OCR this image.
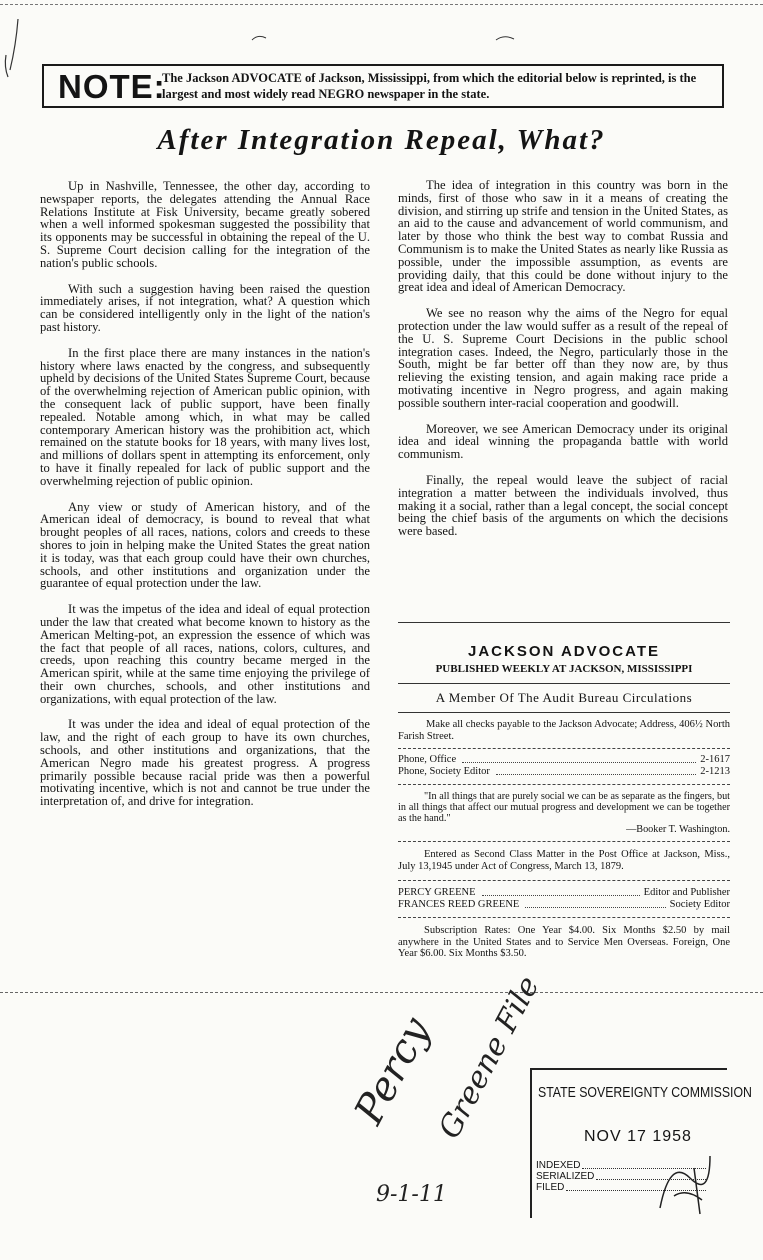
NOTE:
The Jackson ADVOCATE of Jackson, Mississippi, from which the editorial below is reprinted, is the largest and most widely read NEGRO newspaper in the state.
After Integration Repeal, What?

Up in Nashville, Tennessee, the other day, according to newspaper reports, the delegates attending the Annual Race Relations Institute at Fisk University, became greatly sobered when a well informed spokesman suggested the possibility that its opponents may be successful in obtaining the repeal of the U. S. Supreme Court decision calling for the integration of the nation's public schools.

With such a suggestion having been raised the question immediately arises, if not integration, what? A question which can be considered intelligently only in the light of the nation's past history.

In the first place there are many instances in the nation's history where laws enacted by the congress, and subsequently upheld by decisions of the United States Supreme Court, because of the overwhelming rejection of American public opinion, with the consequent lack of public support, have been finally repealed. Notable among which, in what may be called contemporary American history was the prohibition act, which remained on the statute books for 18 years, with many lives lost, and millions of dollars spent in attempting its enforcement, only to have it finally repealed for lack of public support and the overwhelming rejection of public opinion.

Any view or study of American history, and of the American ideal of democracy, is bound to reveal that what brought peoples of all races, nations, colors and creeds to these shores to join in helping make the United States the great nation it is today, was that each group could have their own churches, schools, and other institutions and organization under the guarantee of equal protection under the law.

It was the impetus of the idea and ideal of equal protection under the law that created what become known to history as the American Melting-pot, an expression the essence of which was the fact that people of all races, nations, colors, cultures, and creeds, upon reaching this country became merged in the American spirit, while at the same time enjoying the privilege of their own churches, schools, and other institutions and organizations, with equal protection of the law.

It was under the idea and ideal of equal protection of the law, and the right of each group to have its own churches, schools, and other institutions and organizations, that the American Negro made his greatest progress. A progress primarily possible because racial pride was then a powerful motivating incentive, which is not and cannot be true under the interpretation of, and drive for integration.

The idea of integration in this country was born in the minds, first of those who saw in it a means of creating the division, and stirring up strife and tension in the United States, as an aid to the cause and advancement of world communism, and later by those who think the best way to combat Russia and Communism is to make the United States as nearly like Russia as possible, under the impossible assumption, as events are providing daily, that this could be done without injury to the great idea and ideal of American Democracy.

We see no reason why the aims of the Negro for equal protection under the law would suffer as a result of the repeal of the U. S. Supreme Court Decisions in the public school integration cases. Indeed, the Negro, particularly those in the South, might be far better off than they now are, by thus relieving the existing tension, and again making race pride a motivating incentive in Negro progress, and again making possible southern inter-racial cooperation and goodwill.

Moreover, we see American Democracy under its original idea and ideal winning the propaganda battle with world communism.

Finally, the repeal would leave the subject of racial integration a matter between the individuals involved, thus making it a social, rather than a legal concept, the social concept being the chief basis of the arguments on which the decisions were based.

JACKSON ADVOCATE
PUBLISHED WEEKLY AT JACKSON, MISSISSIPPI
A Member Of The Audit Bureau Circulations
Make all checks payable to the Jackson Advocate; Address, 406½ North Farish Street.
Phone, Office	2-1617
Phone, Society Editor	2-1213
"In all things that are purely social we can be as separate as the fingers, but in all things that affect our mutual progress and development we can be together as the hand."
—Booker T. Washington.
Entered as Second Class Matter in the Post Office at Jackson, Miss., July 13,1945 under Act of Congress, March 13, 1879.
PERCY GREENE	Editor and Publisher
FRANCES REED GREENE	Society Editor
Subscription Rates: One Year $4.00. Six Months $2.50 by mail anywhere in the United States and to Service Men Overseas. Foreign, One Year $6.00. Six Months $3.50.
Percy
Greene File
9-1-11
STATE SOVEREIGNTY COMMISSION
NOV 17 1958
INDEXED
SERIALIZED
FILED
